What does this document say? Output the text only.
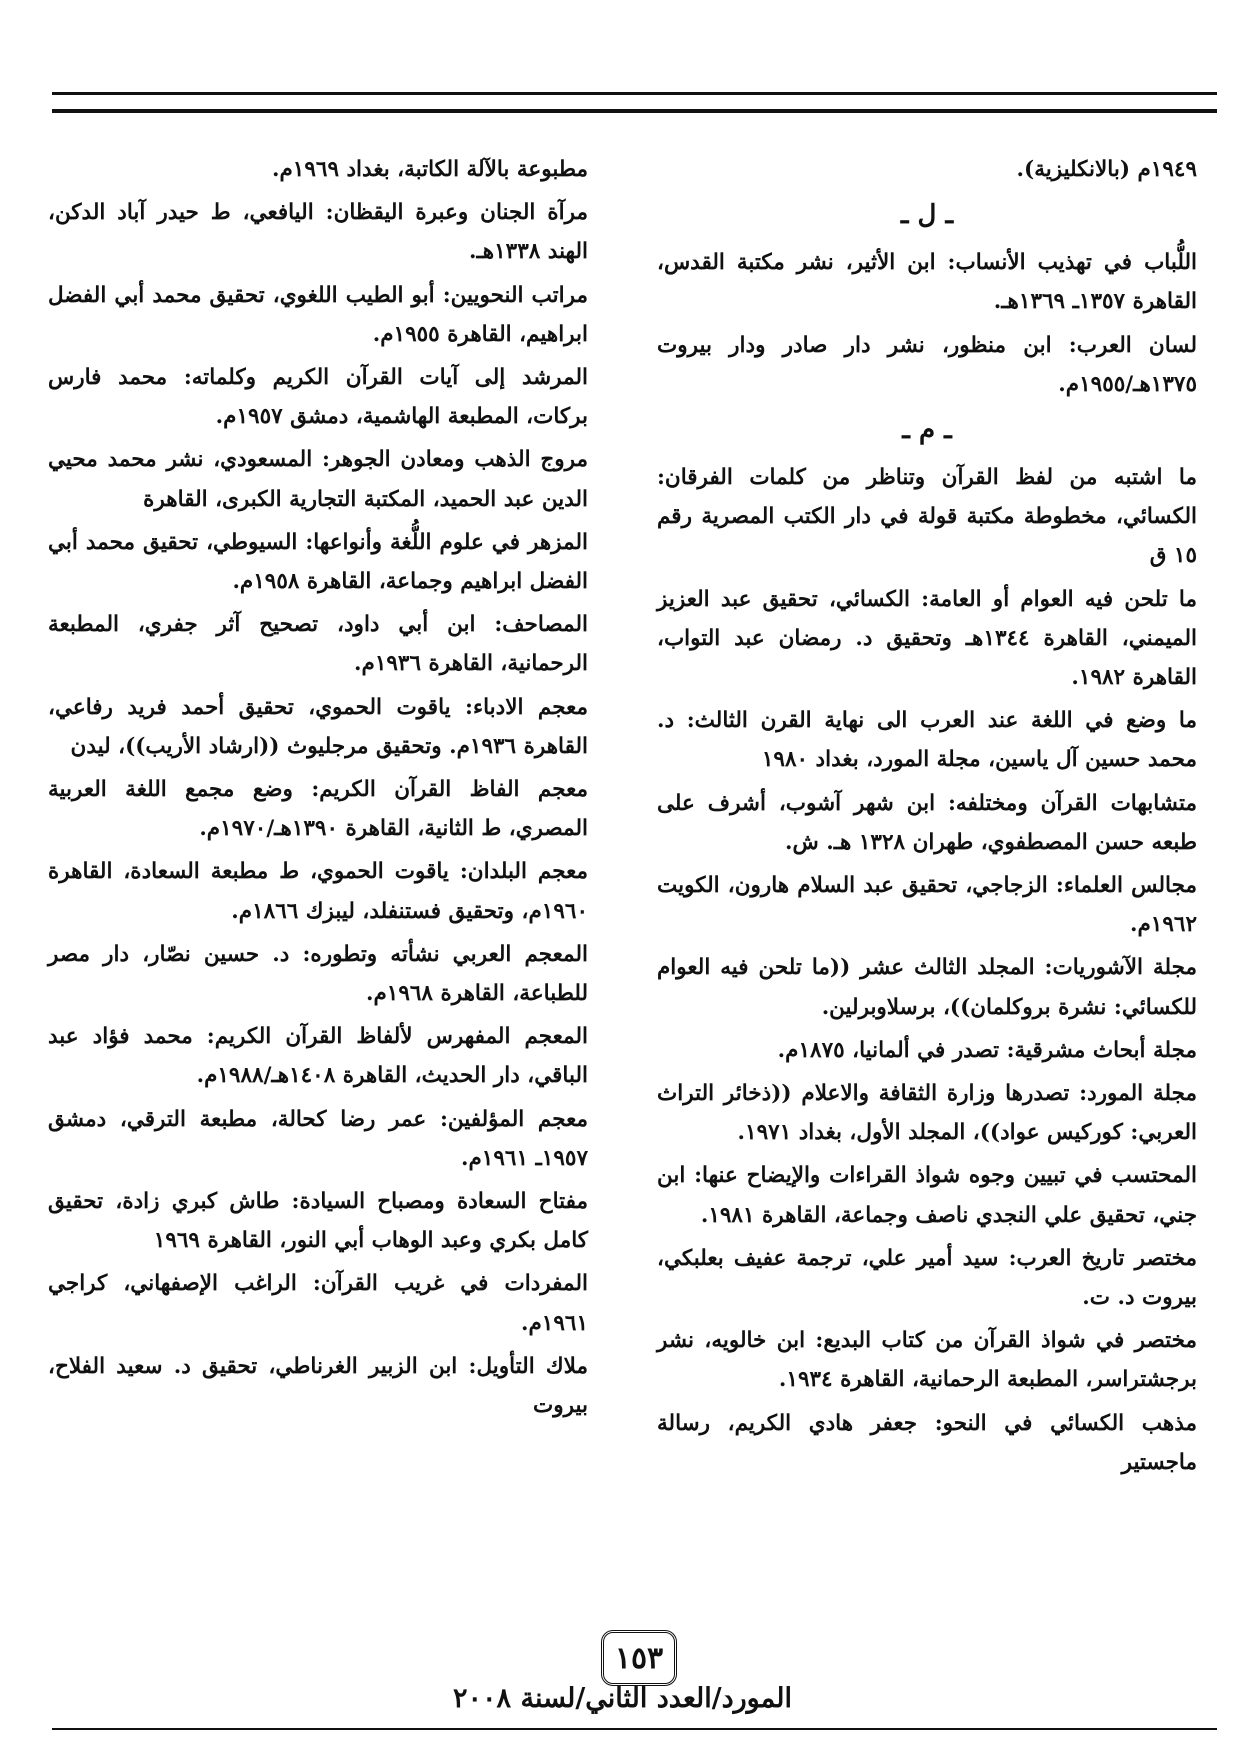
١٩٤٩م (بالانكليزية).

ـ ل ـ

اللُّباب في تهذيب الأنساب: ابن الأثير، نشر مكتبة القدس، القاهرة ١٣٥٧ـ ١٣٦٩هـ.

لسان العرب: ابن منظور، نشر دار صادر ودار بيروت ١٣٧٥هـ/١٩٥٥م.

ـ م ـ

ما اشتبه من لفظ القرآن وتناظر من كلمات الفرقان: الكسائي، مخطوطة مكتبة قولة في دار الكتب المصرية رقم ١٥ ق

ما تلحن فيه العوام أو العامة: الكسائي، تحقيق عبد العزيز الميمني، القاهرة ١٣٤٤هـ وتحقيق د. رمضان عبد التواب، القاهرة ١٩٨٢.

ما وضع في اللغة عند العرب الى نهاية القرن الثالث: د. محمد حسين آل ياسين، مجلة المورد، بغداد ١٩٨٠

متشابهات القرآن ومختلفه: ابن شهر آشوب، أشرف على طبعه حسن المصطفوي، طهران ١٣٢٨ هـ. ش.

مجالس العلماء: الزجاجي، تحقيق عبد السلام هارون، الكويت ١٩٦٢م.

مجلة الآشوريات: المجلد الثالث عشر ((ما تلحن فيه العوام للكسائي: نشرة بروكلمان))، برسلاوبرلين.

مجلة أبحاث مشرقية: تصدر في ألمانيا، ١٨٧٥م.

مجلة المورد: تصدرها وزارة الثقافة والاعلام ((ذخائر التراث العربي: كوركيس عواد))، المجلد الأول، بغداد ١٩٧١.

المحتسب في تبيين وجوه شواذ القراءات والإيضاح عنها: ابن جني، تحقيق علي النجدي ناصف وجماعة، القاهرة ١٩٨١.

مختصر تاريخ العرب: سيد أمير علي، ترجمة عفيف بعلبكي، بيروت د. ت.

مختصر في شواذ القرآن من كتاب البديع: ابن خالويه، نشر برجشتراسر، المطبعة الرحمانية، القاهرة ١٩٣٤.

مذهب الكسائي في النحو: جعفر هادي الكريم، رسالة ماجستير

مطبوعة بالآلة الكاتبة، بغداد ١٩٦٩م.

مرآة الجنان وعبرة اليقظان: اليافعي، ط حيدر آباد الدكن، الهند ١٣٣٨هـ.

مراتب النحويين: أبو الطيب اللغوي، تحقيق محمد أبي الفضل ابراهيم، القاهرة ١٩٥٥م.

المرشد إلى آيات القرآن الكريم وكلماته: محمد فارس بركات، المطبعة الهاشمية، دمشق ١٩٥٧م.

مروج الذهب ومعادن الجوهر: المسعودي، نشر محمد محيي الدين عبد الحميد، المكتبة التجارية الكبرى، القاهرة

المزهر في علوم اللُّغة وأنواعها: السيوطي، تحقيق محمد أبي الفضل ابراهيم وجماعة، القاهرة ١٩٥٨م.

المصاحف: ابن أبي داود، تصحيح آثر جفري، المطبعة الرحمانية، القاهرة ١٩٣٦م.

معجم الادباء: ياقوت الحموي، تحقيق أحمد فريد رفاعي، القاهرة ١٩٣٦م. وتحقيق مرجليوث ((ارشاد الأريب))، ليدن

معجم الفاظ القرآن الكريم: وضع مجمع اللغة العربية المصري، ط الثانية، القاهرة ١٣٩٠هـ/١٩٧٠م.

معجم البلدان: ياقوت الحموي، ط مطبعة السعادة، القاهرة ١٩٦٠م، وتحقيق فستنفلد، ليبزك ١٨٦٦م.

المعجم العربي نشأته وتطوره: د. حسين نصّار، دار مصر للطباعة، القاهرة ١٩٦٨م.

المعجم المفهرس لألفاظ القرآن الكريم: محمد فؤاد عبد الباقي، دار الحديث، القاهرة ١٤٠٨هـ/١٩٨٨م.

معجم المؤلفين: عمر رضا كحالة، مطبعة الترقي، دمشق ١٩٥٧ـ ١٩٦١م.

مفتاح السعادة ومصباح السيادة: طاش كبري زادة، تحقيق كامل بكري وعبد الوهاب أبي النور، القاهرة ١٩٦٩

المفردات في غريب القرآن: الراغب الإصفهاني، كراجي ١٩٦١م.

ملاك التأويل: ابن الزبير الغرناطي، تحقيق د. سعيد الفلاح، بيروت

١٥٣
المورد/العدد الثاني/لسنة ٢٠٠٨
